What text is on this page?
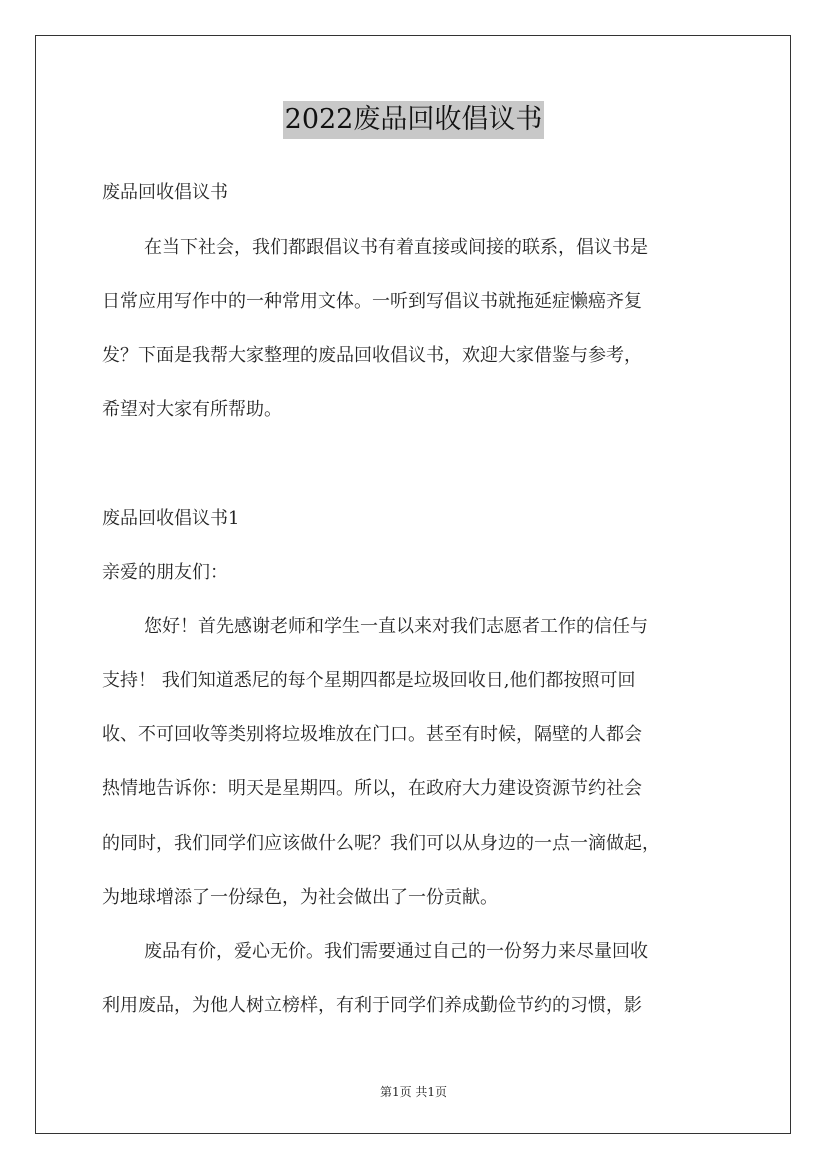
2022废品回收倡议书
废品回收倡议书
在当下社会，我们都跟倡议书有着直接或间接的联系，倡议书是
日常应用写作中的一种常用文体。一听到写倡议书就拖延症懒癌齐复
发？下面是我帮大家整理的废品回收倡议书，欢迎大家借鉴与参考，
希望对大家有所帮助。
废品回收倡议书1
亲爱的朋友们：
您好！首先感谢老师和学生一直以来对我们志愿者工作的信任与
支持！ 我们知道悉尼的每个星期四都是垃圾回收日,他们都按照可回
收、不可回收等类别将垃圾堆放在门口。甚至有时候，隔壁的人都会
热情地告诉你：明天是星期四。所以，在政府大力建设资源节约社会
的同时，我们同学们应该做什么呢？我们可以从身边的一点一滴做起，
为地球增添了一份绿色，为社会做出了一份贡献。
废品有价，爱心无价。我们需要通过自己的一份努力来尽量回收
利用废品，为他人树立榜样，有利于同学们养成勤俭节约的习惯，影
第1页 共1页
